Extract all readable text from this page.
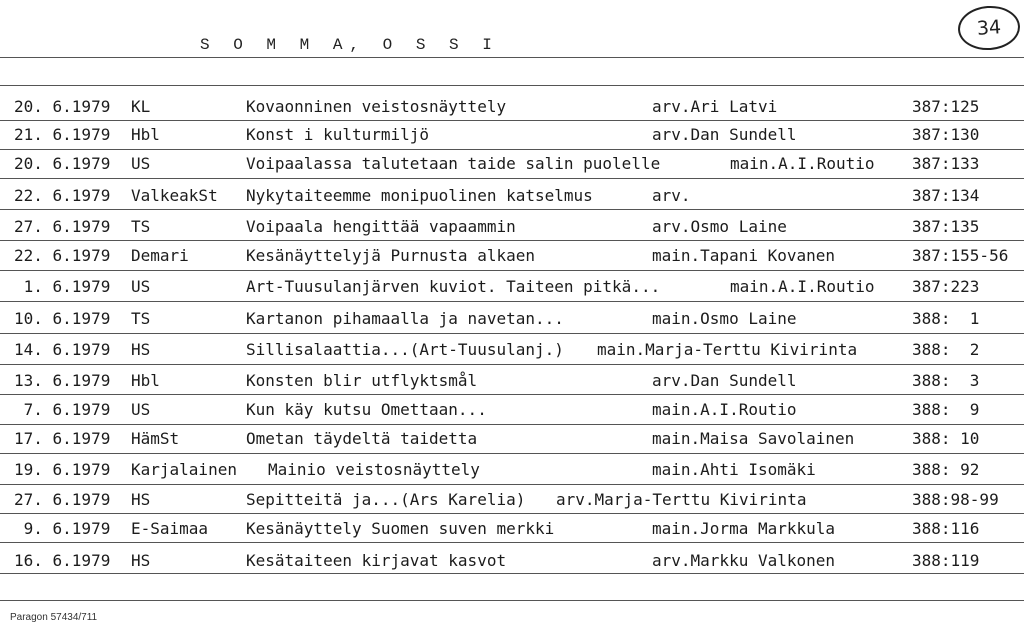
S O M M A, O S S I
34
20. 6.1979 KL	Kovaonninen veistosnäyttely	arv.Ari Latvi	387:125
21. 6.1979 Hbl	Konst i kulturmiljö	arv.Dan Sundell	387:130
20. 6.1979 US	Voipaalassa talutetaan taide salin puolelle	main.A.I.Routio 387:133
22. 6.1979 ValkeakSt Nykytaiteemme monipuolinen katselmus	arv.	387:134
27. 6.1979 TS	Voipaala hengittää vapaammin	arv.Osmo Laine	387:135
22. 6.1979 Demari	Kesänäyttelyjä Purnusta alkaen	main.Tapani Kovanen	387:155-56
1. 6.1979 US	Art-Tuusulanjärven kuviot. Taiteen pitkä...	main.A.I.Routio 387:223
10. 6.1979 TS	Kartanon pihamaalla ja navetan...	main.Osmo Laine	388:  1
14. 6.1979 HS	Sillisalaattia...(Art-Tuusulanj.) main.Marja-Terttu Kivirinta	388:  2
13. 6.1979 Hbl	Konsten blir utflyktsmål	arv.Dan Sundell	388:  3
7. 6.1979 US	Kun käy kutsu Omettaan...	main.A.I.Routio	388:  9
17. 6.1979 HämSt	Ometan täydeltä taidetta	main.Maisa Savolainen	388: 10
19. 6.1979 Karjalainen Mainio veistosnäyttely	main.Ahti Isomäki	388: 92
27. 6.1979 HS	Sepitteitä ja...(Ars Karelia) arv.Marja-Terttu Kivirinta	388:98-99
9. 6.1979 E-Saimaa Kesänäyttely Suomen suven merkki	main.Jorma Markkula	388:116
16. 6.1979 HS	Kesätaiteen kirjavat kasvot	arv.Markku Valkonen	388:119
Paragon 57434/711
